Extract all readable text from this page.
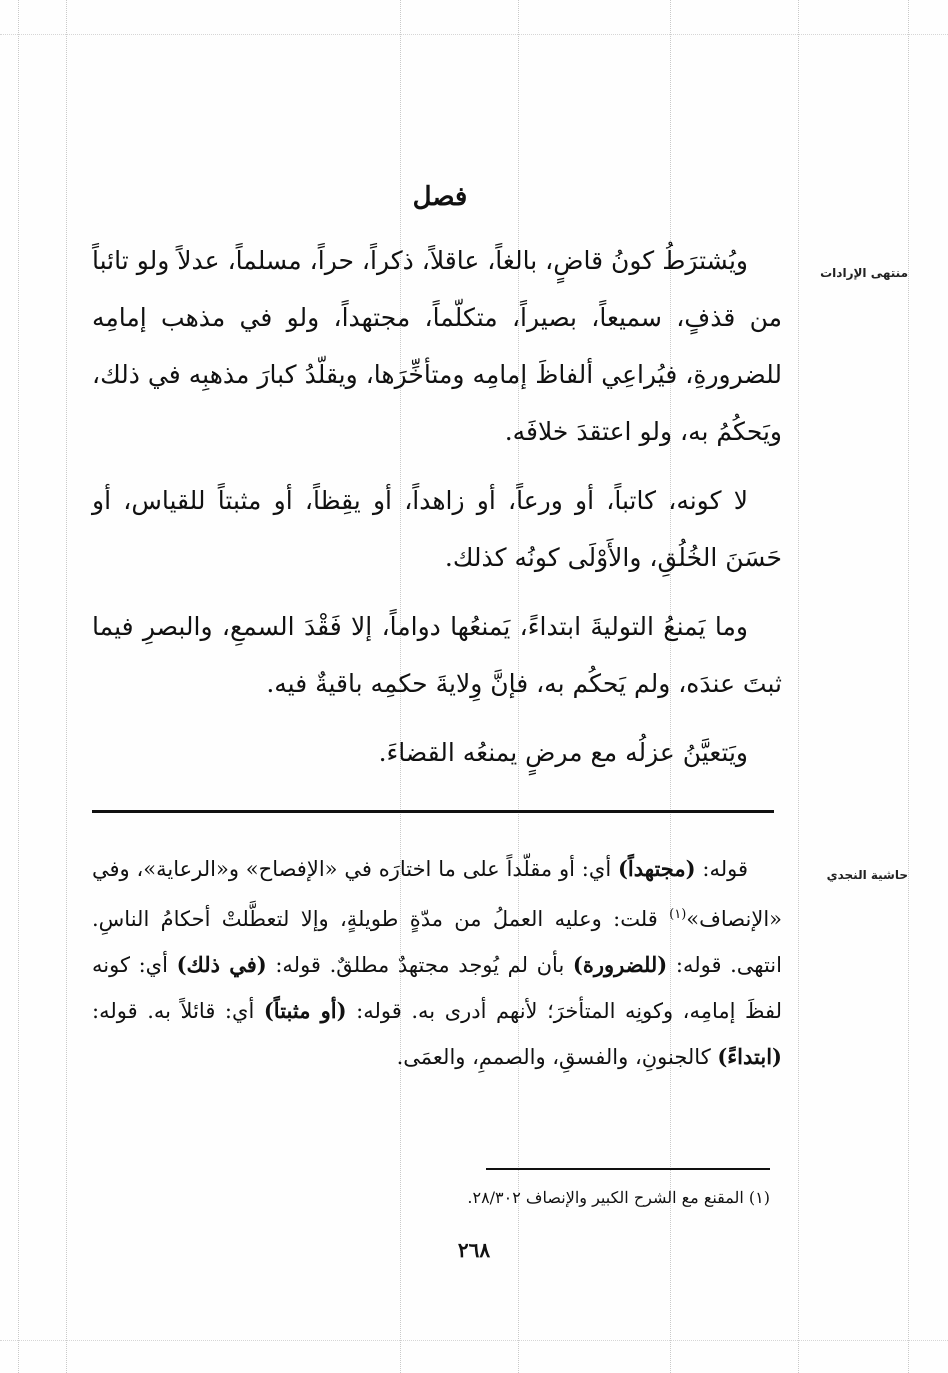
منتهى الإرادات
حاشية النجدي
فصل

ويُشترَطُ كونُ قاضٍ، بالغاً، عاقلاً، ذكراً، حراً، مسلماً، عدلاً ولو تائباً من قذفٍ، سميعاً، بصيراً، متكلّماً، مجتهداً، ولو في مذهب إمامِه للضرورةِ، فيُراعِي ألفاظَ إمامِه ومتأخِّرَها، ويقلّدُ كبارَ مذهبِه في ذلك، ويَحكُمُ به، ولو اعتقدَ خلافَه.

لا كونه، كاتباً، أو ورعاً، أو زاهداً، أو يقِظاً، أو مثبتاً للقياس، أو حَسَنَ الخُلُقِ، والأَوْلَى كونُه كذلك.

وما يَمنعُ التوليةَ ابتداءً، يَمنعُها دواماً، إلا فَقْدَ السمعِ، والبصرِ فيما ثبتَ عندَه، ولم يَحكُم به، فإنَّ وِلايةَ حكمِه باقيةٌ فيه.

ويَتعيَّنُ عزلُه مع مرضٍ يمنعُه القضاءَ.

قوله: (مجتهداً) أي: أو مقلّداً على ما اختارَه في «الإفصاح» و«الرعاية»، وفي «الإنصاف»$^{(١)}$ قلت: وعليه العملُ من مدّةٍ طويلةٍ، وإلا لتعطَّلتْ أحكامُ الناسِ. انتهى. قوله: (للضرورة) بأن لم يُوجد مجتهدٌ مطلقٌ. قوله: (في ذلك) أي: كونه لفظَ إمامِه، وكونِه المتأخرَ؛ لأنهم أدرى به. قوله: (أو مثبتاً) أي: قائلاً به. قوله: (ابتداءً) كالجنونِ، والفسقِ، والصممِ، والعمَى.

(١) المقنع مع الشرح الكبير والإنصاف ٢٨/٣٠٢.
٢٦٨
